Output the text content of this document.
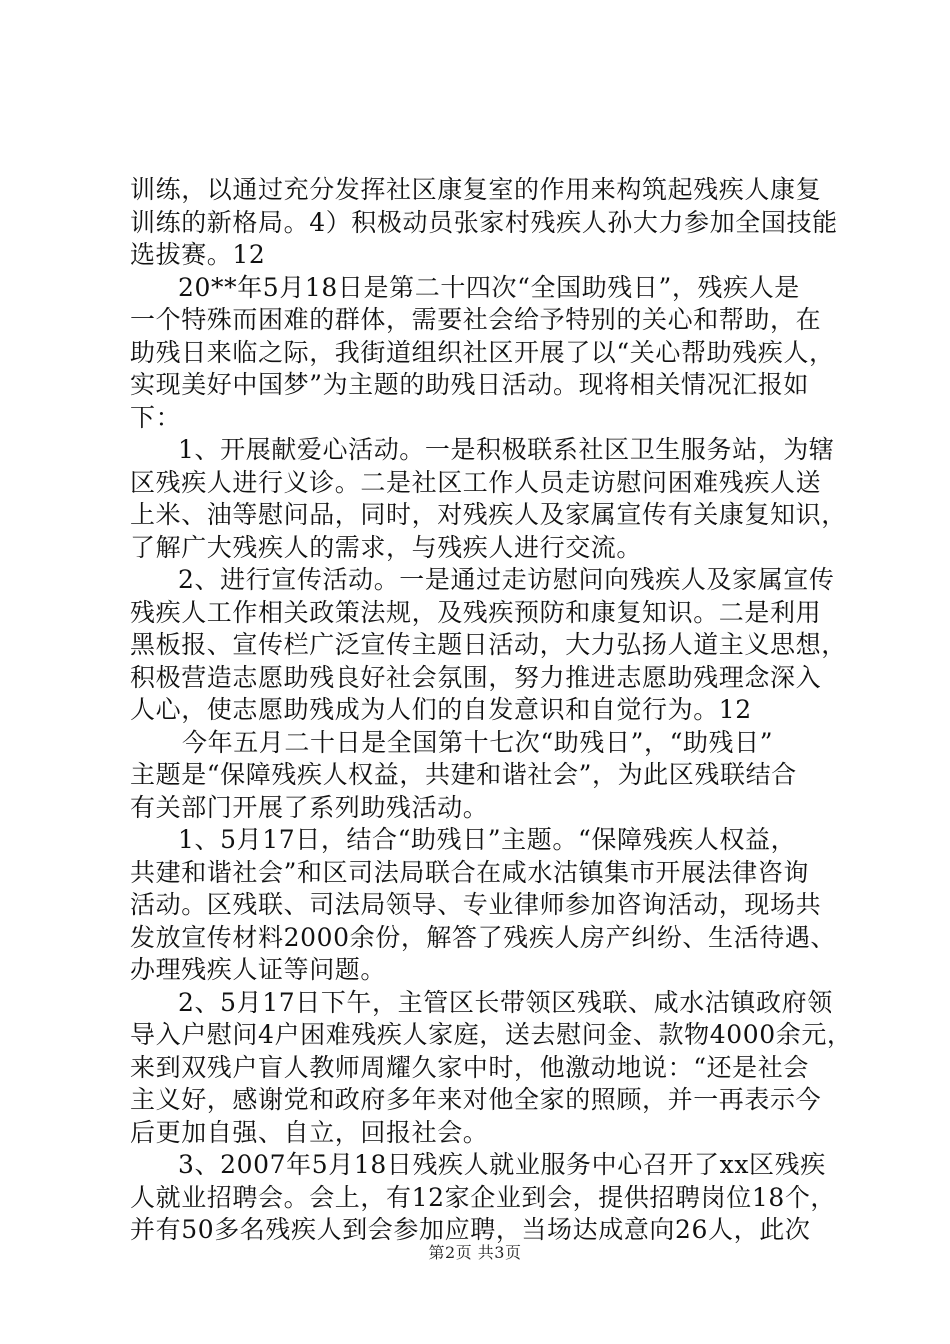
训练，以通过充分发挥社区康复室的作用来构筑起残疾人康复
训练的新格局。4）积极动员张家村残疾人孙大力参加全国技能
选拔赛。12
20**年5月18日是第二十四次“全国助残日”，残疾人是
一个特殊而困难的群体，需要社会给予特别的关心和帮助，在
助残日来临之际，我街道组织社区开展了以“关心帮助残疾人，
实现美好中国梦”为主题的助残日活动。现将相关情况汇报如
下：
1、开展献爱心活动。一是积极联系社区卫生服务站，为辖
区残疾人进行义诊。二是社区工作人员走访慰问困难残疾人送
上米、油等慰问品，同时，对残疾人及家属宣传有关康复知识，
了解广大残疾人的需求，与残疾人进行交流。
2、进行宣传活动。一是通过走访慰问向残疾人及家属宣传
残疾人工作相关政策法规，及残疾预防和康复知识。二是利用
黑板报、宣传栏广泛宣传主题日活动，大力弘扬人道主义思想，
积极营造志愿助残良好社会氛围，努力推进志愿助残理念深入
人心，使志愿助残成为人们的自发意识和自觉行为。12
今年五月二十日是全国第十七次“助残日”，“助残日”
主题是“保障残疾人权益，共建和谐社会”，为此区残联结合
有关部门开展了系列助残活动。
1、5月17日，结合“助残日”主题。“保障残疾人权益，
共建和谐社会”和区司法局联合在咸水沽镇集市开展法律咨询
活动。区残联、司法局领导、专业律师参加咨询活动，现场共
发放宣传材料2000余份，解答了残疾人房产纠纷、生活待遇、
办理残疾人证等问题。
2、5月17日下午，主管区长带领区残联、咸水沽镇政府领
导入户慰问4户困难残疾人家庭，送去慰问金、款物4000余元，
来到双残户盲人教师周耀久家中时，他激动地说：“还是社会
主义好，感谢党和政府多年来对他全家的照顾，并一再表示今
后更加自强、自立，回报社会。
3、2007年5月18日残疾人就业服务中心召开了xx区残疾
人就业招聘会。会上，有12家企业到会，提供招聘岗位18个，
并有50多名残疾人到会参加应聘，当场达成意向26人，此次
第2页 共3页
